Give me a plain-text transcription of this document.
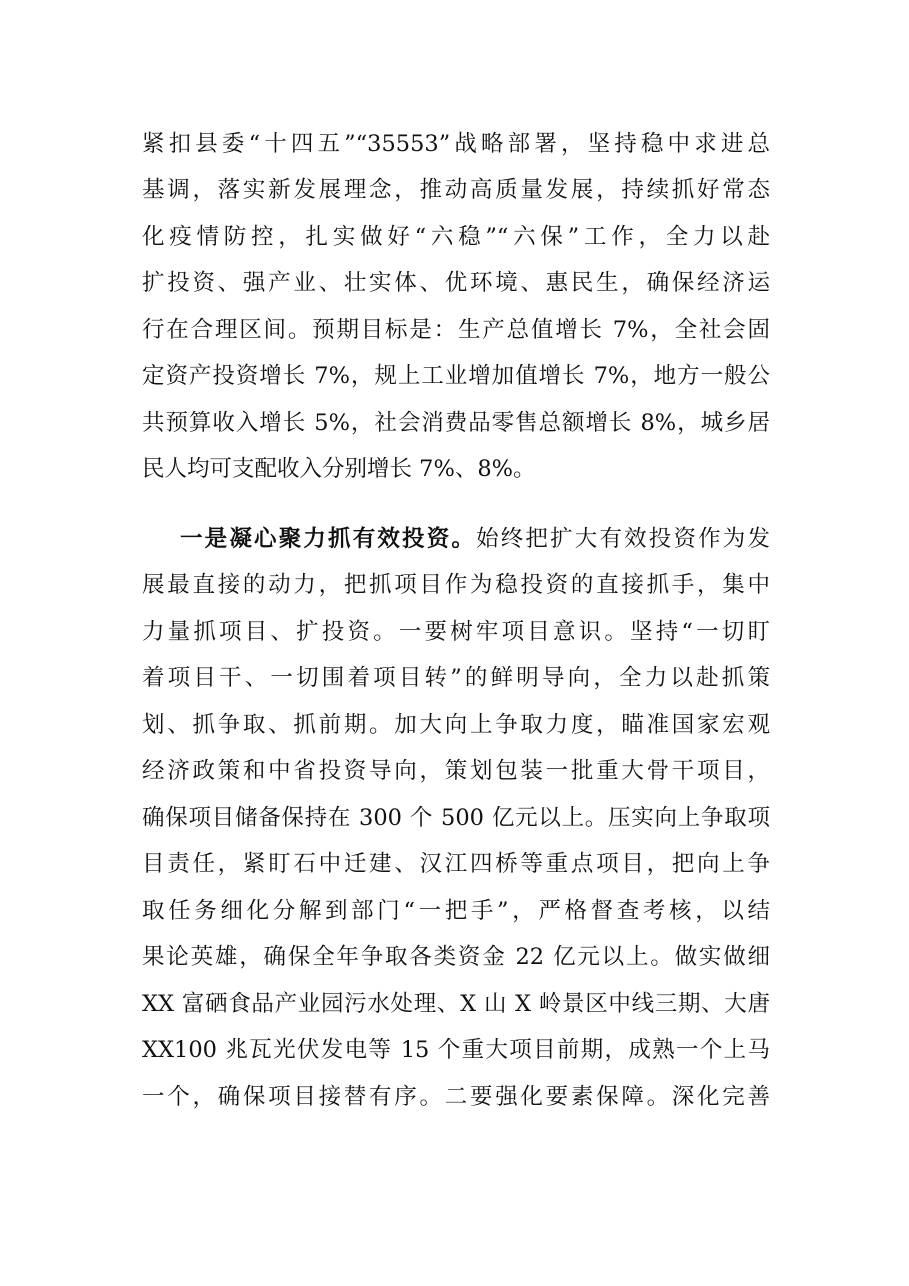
紧扣县委“十四五”“35553”战略部署，坚持稳中求进总
基调，落实新发展理念，推动高质量发展，持续抓好常态
化疫情防控，扎实做好“六稳”“六保”工作，全力以赴
扩投资、强产业、壮实体、优环境、惠民生，确保经济运
行在合理区间。预期目标是：生产总值增长 7%，全社会固
定资产投资增长 7%，规上工业增加值增长 7%，地方一般公
共预算收入增长 5%，社会消费品零售总额增长 8%，城乡居
民人均可支配收入分别增长 7%、8%。
一是凝心聚力抓有效投资。始终把扩大有效投资作为发
展最直接的动力，把抓项目作为稳投资的直接抓手，集中
力量抓项目、扩投资。一要树牢项目意识。坚持“一切盯
着项目干、一切围着项目转”的鲜明导向，全力以赴抓策
划、抓争取、抓前期。加大向上争取力度，瞄准国家宏观
经济政策和中省投资导向，策划包装一批重大骨干项目，
确保项目储备保持在 300 个 500 亿元以上。压实向上争取项
目责任，紧盯石中迁建、汉江四桥等重点项目，把向上争
取任务细化分解到部门“一把手”，严格督查考核，以结
果论英雄，确保全年争取各类资金 22 亿元以上。做实做细
XX 富硒食品产业园污水处理、X 山 X 岭景区中线三期、大唐
XX100 兆瓦光伏发电等 15 个重大项目前期，成熟一个上马
一个，确保项目接替有序。二要强化要素保障。深化完善
